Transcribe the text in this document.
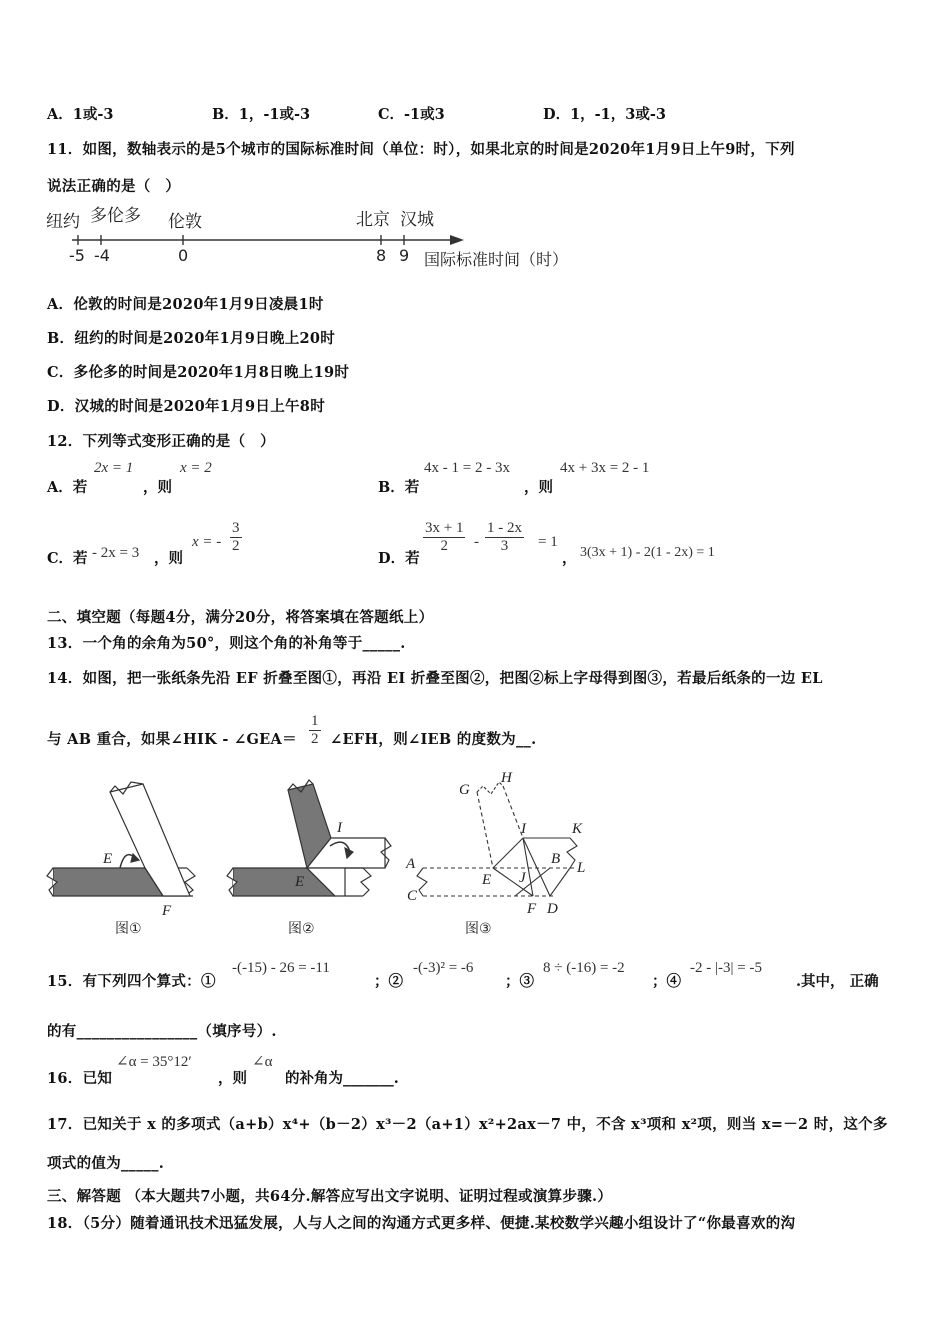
A．1或-3	B．1，-1或-3	C．-1或3	D．1，-1，3或-3
11．如图，数轴表示的是5个城市的国际标准时间（单位：时），如果北京的时间是2020年1月9日上午9时，下列
说法正确的是（　）
纽约 多伦多 伦敦	北京 汉城
-5 -4	0	8 9 国际标准时间（时）
A．伦敦的时间是2020年1月9日凌晨1时
B．纽约的时间是2020年1月9日晚上20时
C．多伦多的时间是2020年1月8日晚上19时
D．汉城的时间是2020年1月9日上午8时
12．下列等式变形正确的是（　）
A．若
2x = 1
，则
x = 2
B．若
4x - 1 = 2 - 3x
，则
4x + 3x = 2 - 1
C．若 - 2x = 3 ，则
x = - $\frac{3}{2}$
D．若
$\frac{3x + 1}{2} - \frac{1 - 2x}{3} = 1$
， 3(3x + 1) - 2(1 - 2x) = 1
二、填空题（每题4分，满分20分，将答案填在答题纸上）
13．一个角的余角为50°，则这个角的补角等于_____.
14．如图，把一张纸条先沿 EF 折叠至图①，再沿 EI 折叠至图②，把图②标上字母得到图③，若最后纸条的一边 EL
与 AB 重合，如果∠HIK - ∠GEA＝ $\frac{1}{2}$ ∠EFH，则∠IEB 的度数为__.
E
F
图①
E
I
图②
G
H
I	K
A	B
L
E J
C
F D
图③
15．有下列四个算式：①
-(-15) - 26 = -11
；②
-(-3)² = -6
；③
8 ÷ (-16) = -2
；④
-2 - |-3| = -5
.其中， 正确
的有________________（填序号）.
16．已知
∠α = 35°12′
，则
∠α
的补角为_______.
17．已知关于 x 的多项式（a+b）x⁴+（b－2）x³－2（a+1）x²+2ax－7 中，不含 x³项和 x²项，则当 x=－2 时，这个多
项式的值为_____.
三、解答题 （本大题共7小题，共64分.解答应写出文字说明、证明过程或演算步骤.）
18．（5分）随着通讯技术迅猛发展，人与人之间的沟通方式更多样、便捷.某校数学兴趣小组设计了“你最喜欢的沟
